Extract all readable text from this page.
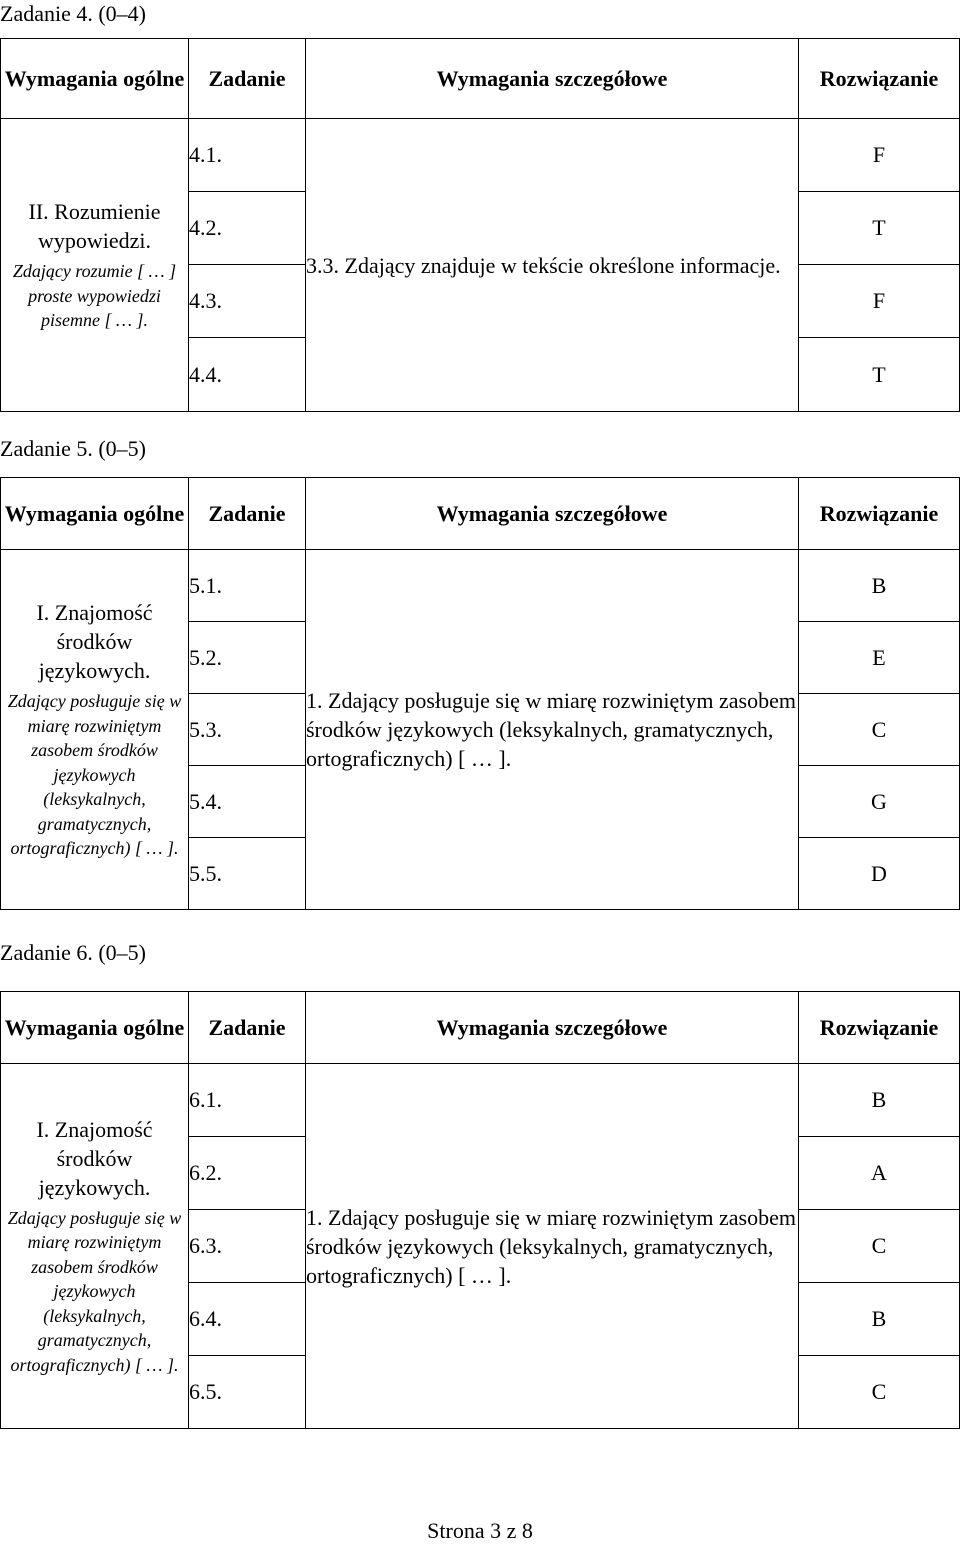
Zadanie 4. (0–4)
Wymagania ogólne	Zadanie	Wymagania szczegółowe	Rozwiązanie

II. Rozumienie wypowiedzi.
Zdający rozumie [ … ] proste wypowiedzi pisemne [ … ].	4.1.	3.3. Zdający znajduje w tekście określone informacje.	F
	4.2.		T
	4.3.		F
	4.4.		T
Zadanie 5. (0–5)
Wymagania ogólne	Zadanie	Wymagania szczegółowe	Rozwiązanie

I. Znajomość środków językowych.
Zdający posługuje się w miarę rozwiniętym zasobem środków językowych (leksykalnych, gramatycznych, ortograficznych) [ … ].	5.1.	1. Zdający posługuje się w miarę rozwiniętym zasobem środków językowych (leksykalnych, gramatycznych, ortograficznych) [ … ].	B
	5.2.		E
	5.3.		C
	5.4.		G
	5.5.		D
Zadanie 6. (0–5)
Wymagania ogólne	Zadanie	Wymagania szczegółowe	Rozwiązanie

I. Znajomość środków językowych.
Zdający posługuje się w miarę rozwiniętym zasobem środków językowych (leksykalnych, gramatycznych, ortograficznych) [ … ].	6.1.	1. Zdający posługuje się w miarę rozwiniętym zasobem środków językowych (leksykalnych, gramatycznych, ortograficznych) [ … ].	B
	6.2.		A
	6.3.		C
	6.4.		B
	6.5.		C
Strona 3 z 8
